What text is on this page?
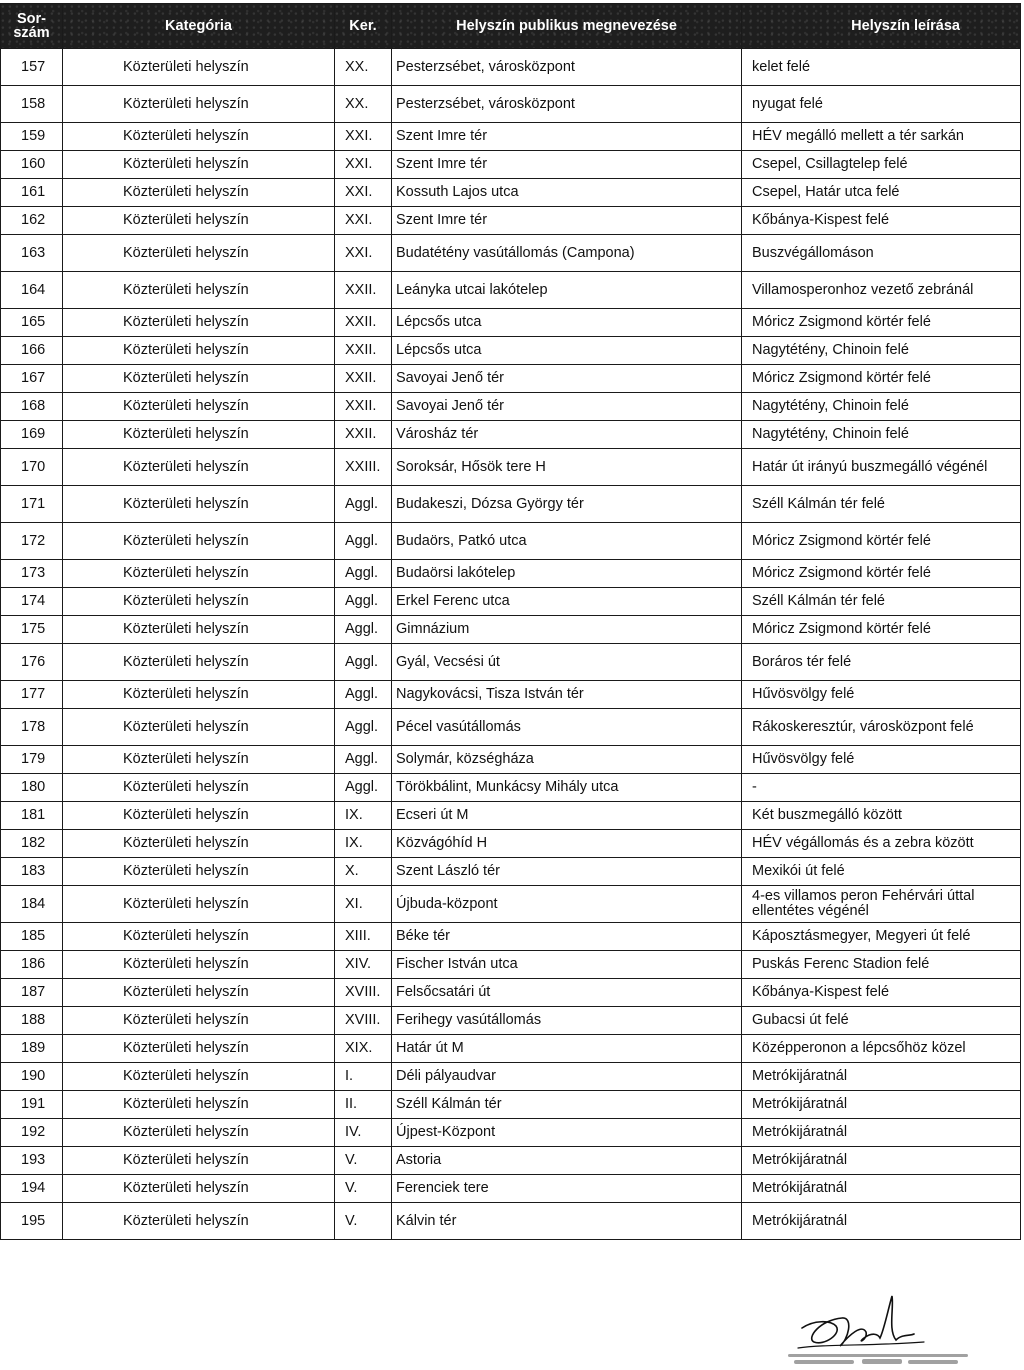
Sor-
szám	Kategória	Ker.	Helyszín publikus megnevezése	Helyszín leírása
157	Közterületi helyszín	XX.	Pesterzsébet, városközpont	kelet felé
158	Közterületi helyszín	XX.	Pesterzsébet, városközpont	nyugat felé
159	Közterületi helyszín	XXI.	Szent Imre tér	HÉV megálló mellett a tér sarkán
160	Közterületi helyszín	XXI.	Szent Imre tér	Csepel, Csillagtelep felé
161	Közterületi helyszín	XXI.	Kossuth Lajos utca	Csepel, Határ utca felé
162	Közterületi helyszín	XXI.	Szent Imre tér	Kőbánya-Kispest felé
163	Közterületi helyszín	XXI.	Budatétény vasútállomás (Campona)	Buszvégállomáson
164	Közterületi helyszín	XXII.	Leányka utcai lakótelep	Villamosperonhoz vezető zebránál
165	Közterületi helyszín	XXII.	Lépcsős utca	Móricz Zsigmond körtér felé
166	Közterületi helyszín	XXII.	Lépcsős utca	Nagytétény, Chinoin felé
167	Közterületi helyszín	XXII.	Savoyai Jenő tér	Móricz Zsigmond körtér felé
168	Közterületi helyszín	XXII.	Savoyai Jenő tér	Nagytétény, Chinoin felé
169	Közterületi helyszín	XXII.	Városház tér	Nagytétény, Chinoin felé
170	Közterületi helyszín	XXIII.	Soroksár, Hősök tere H	Határ út irányú buszmegálló végénél
171	Közterületi helyszín	Aggl.	Budakeszi, Dózsa György tér	Széll Kálmán tér felé
172	Közterületi helyszín	Aggl.	Budaörs, Patkó utca	Móricz Zsigmond körtér felé
173	Közterületi helyszín	Aggl.	Budaörsi lakótelep	Móricz Zsigmond körtér felé
174	Közterületi helyszín	Aggl.	Erkel Ferenc utca	Széll Kálmán tér felé
175	Közterületi helyszín	Aggl.	Gimnázium	Móricz Zsigmond körtér felé
176	Közterületi helyszín	Aggl.	Gyál, Vecsési út	Boráros tér felé
177	Közterületi helyszín	Aggl.	Nagykovácsi, Tisza István tér	Hűvösvölgy felé
178	Közterületi helyszín	Aggl.	Pécel vasútállomás	Rákoskeresztúr, városközpont felé
179	Közterületi helyszín	Aggl.	Solymár, községháza	Hűvösvölgy felé
180	Közterületi helyszín	Aggl.	Törökbálint, Munkácsy Mihály utca	-
181	Közterületi helyszín	IX.	Ecseri út M	Két buszmegálló között
182	Közterületi helyszín	IX.	Közvágóhíd H	HÉV végállomás és a zebra között
183	Közterületi helyszín	X.	Szent László tér	Mexikói út felé
184	Közterületi helyszín	XI.	Újbuda-központ	4-es villamos peron Fehérvári úttal ellentétes végénél
185	Közterületi helyszín	XIII.	Béke tér	Káposztásmegyer, Megyeri út felé
186	Közterületi helyszín	XIV.	Fischer István utca	Puskás Ferenc Stadion felé
187	Közterületi helyszín	XVIII.	Felsőcsatári út	Kőbánya-Kispest felé
188	Közterületi helyszín	XVIII.	Ferihegy vasútállomás	Gubacsi út felé
189	Közterületi helyszín	XIX.	Határ út M	Középperonon a lépcsőhöz közel
190	Közterületi helyszín	I.	Déli pályaudvar	Metrókijáratnál
191	Közterületi helyszín	II.	Széll Kálmán tér	Metrókijáratnál
192	Közterületi helyszín	IV.	Újpest-Központ	Metrókijáratnál
193	Közterületi helyszín	V.	Astoria	Metrókijáratnál
194	Közterületi helyszín	V.	Ferenciek tere	Metrókijáratnál
195	Közterületi helyszín	V.	Kálvin tér	Metrókijáratnál
